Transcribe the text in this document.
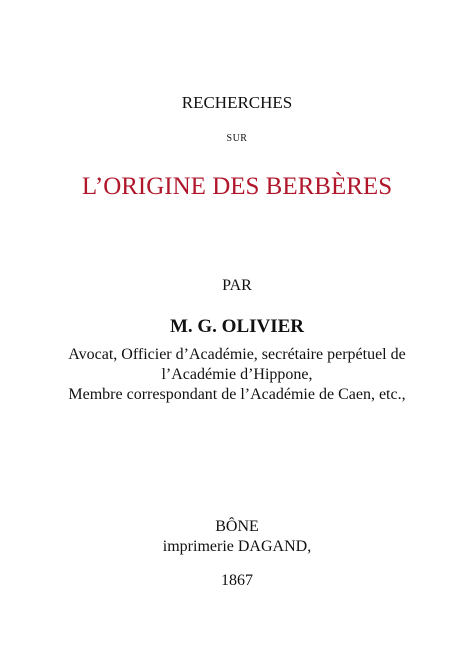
RECHERCHES
SUR
L’ORIGINE DES BERBÈRES
PAR
M. G. OLIVIER
Avocat, Officier d’Académie, secrétaire perpétuel de
l’Académie d’Hippone,
Membre correspondant de l’Académie de Caen, etc.,
BÔNE
imprimerie DAGAND,
1867
